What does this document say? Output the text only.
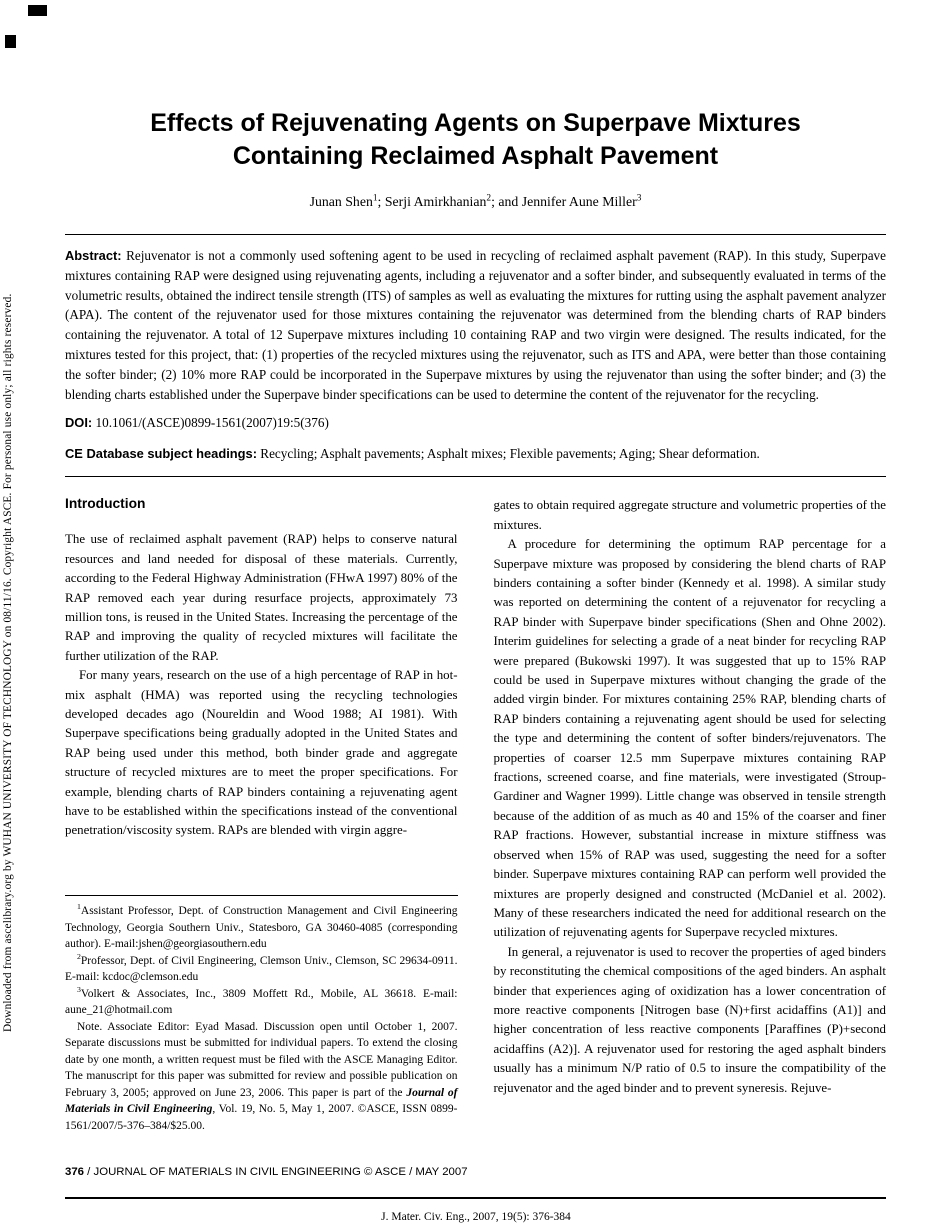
Downloaded from ascelibrary.org by WUHAN UNIVERSITY OF TECHNOLOGY on 08/11/16. Copyright ASCE. For personal use only; all rights reserved.
Effects of Rejuvenating Agents on Superpave Mixtures Containing Reclaimed Asphalt Pavement

Junan Shen$^1$; Serji Amirkhanian$^2$; and Jennifer Aune Miller$^3$

Abstract: Rejuvenator is not a commonly used softening agent to be used in recycling of reclaimed asphalt pavement (RAP). In this study, Superpave mixtures containing RAP were designed using rejuvenating agents, including a rejuvenator and a softer binder, and subsequently evaluated in terms of the volumetric results, obtained the indirect tensile strength (ITS) of samples as well as evaluating the mixtures for rutting using the asphalt pavement analyzer (APA). The content of the rejuvenator used for those mixtures containing the rejuvenator was determined from the blending charts of RAP binders containing the rejuvenator. A total of 12 Superpave mixtures including 10 containing RAP and two virgin were designed. The results indicated, for the mixtures tested for this project, that: (1) properties of the recycled mixtures using the rejuvenator, such as ITS and APA, were better than those containing the softer binder; (2) 10% more RAP could be incorporated in the Superpave mixtures by using the rejuvenator than using the softer binder; and (3) the blending charts established under the Superpave binder specifications can be used to determine the content of the rejuvenator for the recycling.

DOI: 10.1061/(ASCE)0899-1561(2007)19:5(376)

CE Database subject headings: Recycling; Asphalt pavements; Asphalt mixes; Flexible pavements; Aging; Shear deformation.

Introduction

The use of reclaimed asphalt pavement (RAP) helps to conserve natural resources and land needed for disposal of these materials. Currently, according to the Federal Highway Administration (FHwA 1997) 80% of the RAP removed each year during resurface projects, approximately 73 million tons, is reused in the United States. Increasing the percentage of the RAP and improving the quality of recycled mixtures will facilitate the further utilization of the RAP.

For many years, research on the use of a high percentage of RAP in hot-mix asphalt (HMA) was reported using the recycling technologies developed decades ago (Noureldin and Wood 1988; AI 1981). With Superpave specifications being gradually adopted in the United States and RAP being used under this method, both binder grade and aggregate structure of recycled mixtures are to meet the proper specifications. For example, blending charts of RAP binders containing a rejuvenating agent have to be established within the specifications instead of the conventional penetration/viscosity system. RAPs are blended with virgin aggre-

$^1$Assistant Professor, Dept. of Construction Management and Civil Engineering Technology, Georgia Southern Univ., Statesboro, GA 30460-4085 (corresponding author). E-mail:jshen@georgiasouthern.edu

$^2$Professor, Dept. of Civil Engineering, Clemson Univ., Clemson, SC 29634-0911. E-mail: kcdoc@clemson.edu

$^3$Volkert & Associates, Inc., 3809 Moffett Rd., Mobile, AL 36618. E-mail: aune_21@hotmail.com

Note. Associate Editor: Eyad Masad. Discussion open until October 1, 2007. Separate discussions must be submitted for individual papers. To extend the closing date by one month, a written request must be filed with the ASCE Managing Editor. The manuscript for this paper was submitted for review and possible publication on February 3, 2005; approved on June 23, 2006. This paper is part of the Journal of Materials in Civil Engineering, Vol. 19, No. 5, May 1, 2007. ©ASCE, ISSN 0899-1561/2007/5-376–384/$25.00.

gates to obtain required aggregate structure and volumetric properties of the mixtures.

A procedure for determining the optimum RAP percentage for a Superpave mixture was proposed by considering the blend charts of RAP binders containing a softer binder (Kennedy et al. 1998). A similar study was reported on determining the content of a rejuvenator for recycling a RAP binder with Superpave binder specifications (Shen and Ohne 2002). Interim guidelines for selecting a grade of a neat binder for recycling RAP were prepared (Bukowski 1997). It was suggested that up to 15% RAP could be used in Superpave mixtures without changing the grade of the added virgin binder. For mixtures containing 25% RAP, blending charts of RAP binders containing a rejuvenating agent should be used for selecting the type and determining the content of softer binders/rejuvenators. The properties of coarser 12.5 mm Superpave mixtures containing RAP fractions, screened coarse, and fine materials, were investigated (Stroup-Gardiner and Wagner 1999). Little change was observed in tensile strength because of the addition of as much as 40 and 15% of the coarser and finer RAP fractions. However, substantial increase in mixture stiffness was observed when 15% of RAP was used, suggesting the need for a softer binder. Superpave mixtures containing RAP can perform well provided the mixtures are properly designed and constructed (McDaniel et al. 2002). Many of these researchers indicated the need for additional research on the utilization of rejuvenating agents for Superpave recycled mixtures.

In general, a rejuvenator is used to recover the properties of aged binders by reconstituting the chemical compositions of the aged binders. An asphalt binder that experiences aging of oxidization has a lower concentration of more reactive components [Nitrogen base (N)+first acidaffins (A1)] and higher concentration of less reactive components [Paraffines (P)+second acidaffins (A2)]. A rejuvenator used for restoring the aged asphalt binders usually has a minimum N/P ratio of 0.5 to insure the compatibility of the rejuvenator and the aged binder and to prevent syneresis. Rejuve-

376 / JOURNAL OF MATERIALS IN CIVIL ENGINEERING © ASCE / MAY 2007
J. Mater. Civ. Eng., 2007, 19(5): 376-384
